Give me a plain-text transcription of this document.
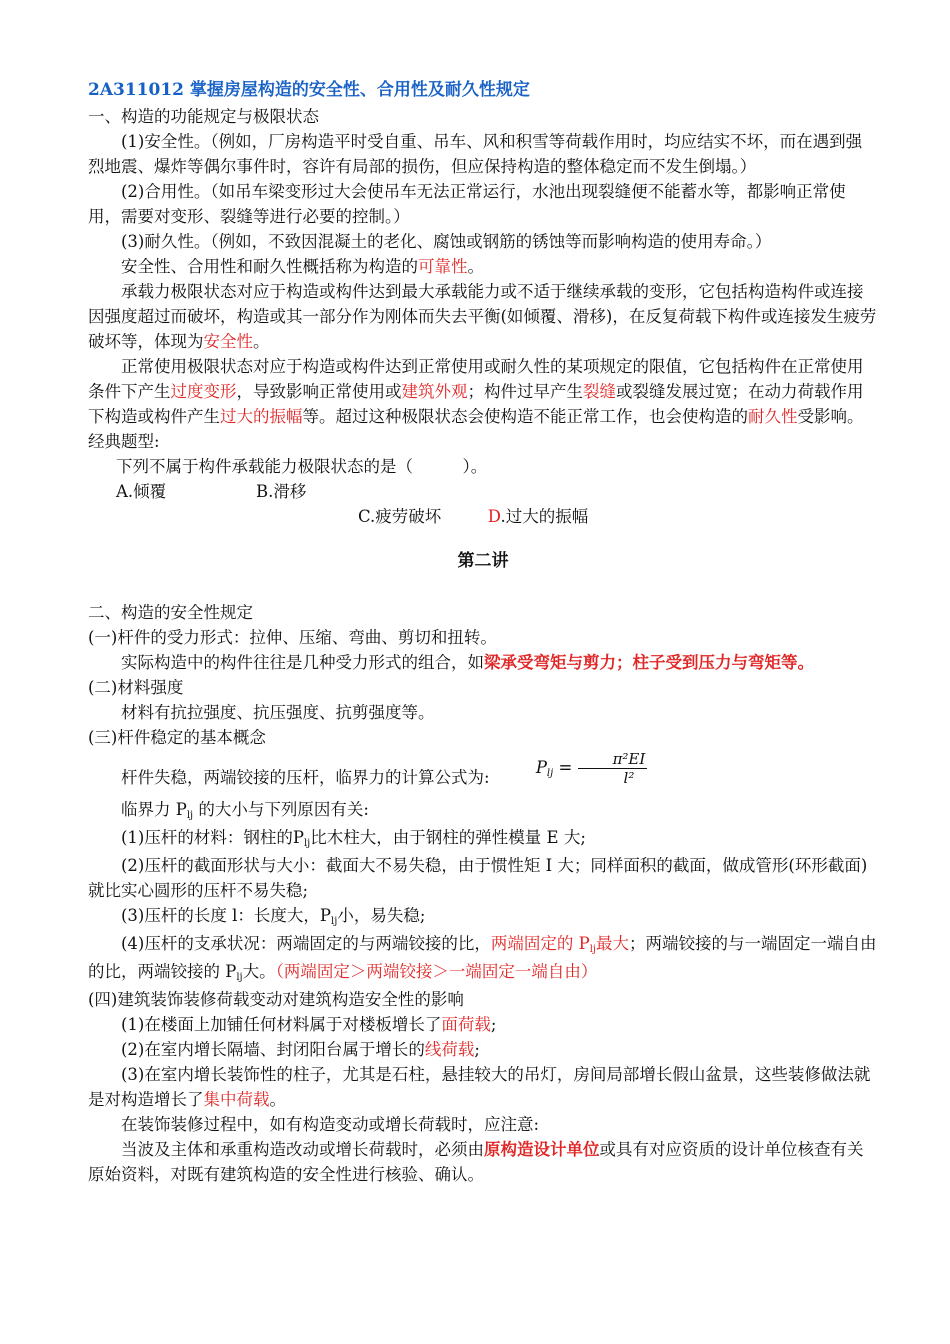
2A311012 掌握房屋构造的安全性、合用性及耐久性规定
一、构造的功能规定与极限状态
(1)安全性。（例如，厂房构造平时受自重、吊车、风和积雪等荷载作用时，均应结实不坏，而在遇到强烈地震、爆炸等偶尔事件时，容许有局部的损伤，但应保持构造的整体稳定而不发生倒塌。）
(2)合用性。（如吊车梁变形过大会使吊车无法正常运行，水池出现裂缝便不能蓄水等，都影响正常使用，需要对变形、裂缝等进行必要的控制。）
(3)耐久性。（例如，不致因混凝土的老化、腐蚀或钢筋的锈蚀等而影响构造的使用寿命。）
安全性、合用性和耐久性概括称为构造的可靠性。
承载力极限状态对应于构造或构件达到最大承载能力或不适于继续承载的变形，它包括构造构件或连接因强度超过而破坏，构造或其一部分作为刚体而失去平衡(如倾覆、滑移)，在反复荷载下构件或连接发生疲劳破坏等，体现为安全性。
正常使用极限状态对应于构造或构件达到正常使用或耐久性的某项规定的限值，它包括构件在正常使用条件下产生过度变形，导致影响正常使用或建筑外观；构件过早产生裂缝或裂缝发展过宽；在动力荷载作用下构造或构件产生过大的振幅等。超过这种极限状态会使构造不能正常工作，也会使构造的耐久性受影响。
经典题型:
下列不属于构件承载能力极限状态的是（　　　）。
A.倾覆	B.滑移
C.疲劳破坏	D.过大的振幅
第二讲
二、构造的安全性规定
(一)杆件的受力形式：拉伸、压缩、弯曲、剪切和扭转。
实际构造中的构件往往是几种受力形式的组合，如梁承受弯矩与剪力；柱子受到压力与弯矩等。
(二)材料强度
材料有抗拉强度、抗压强度、抗剪强度等。
(三)杆件稳定的基本概念
杆件失稳，两端铰接的压杆，临界力的计算公式为: Plj = $\frac{\text{π²EI}}{\text{l²}}$
临界力 Plj 的大小与下列原因有关:
(1)压杆的材料：钢柱的Plj比木柱大，由于钢柱的弹性模量 E 大;
(2)压杆的截面形状与大小：截面大不易失稳，由于惯性矩 I 大；同样面积的截面，做成管形(环形截面)就比实心圆形的压杆不易失稳;
(3)压杆的长度 l：长度大，Plj小，易失稳;
(4)压杆的支承状况：两端固定的与两端铰接的比，两端固定的 Plj最大；两端铰接的与一端固定一端自由的比，两端铰接的 Plj大。（两端固定＞两端铰接＞一端固定一端自由）
(四)建筑装饰装修荷载变动对建筑构造安全性的影响
(1)在楼面上加铺任何材料属于对楼板增长了面荷载;
(2)在室内增长隔墙、封闭阳台属于增长的线荷载;
(3)在室内增长装饰性的柱子，尤其是石柱，悬挂较大的吊灯，房间局部增长假山盆景，这些装修做法就是对构造增长了集中荷载。
在装饰装修过程中，如有构造变动或增长荷载时，应注意:
当波及主体和承重构造改动或增长荷载时，必须由原构造设计单位或具有对应资质的设计单位核查有关原始资料，对既有建筑构造的安全性进行核验、确认。
